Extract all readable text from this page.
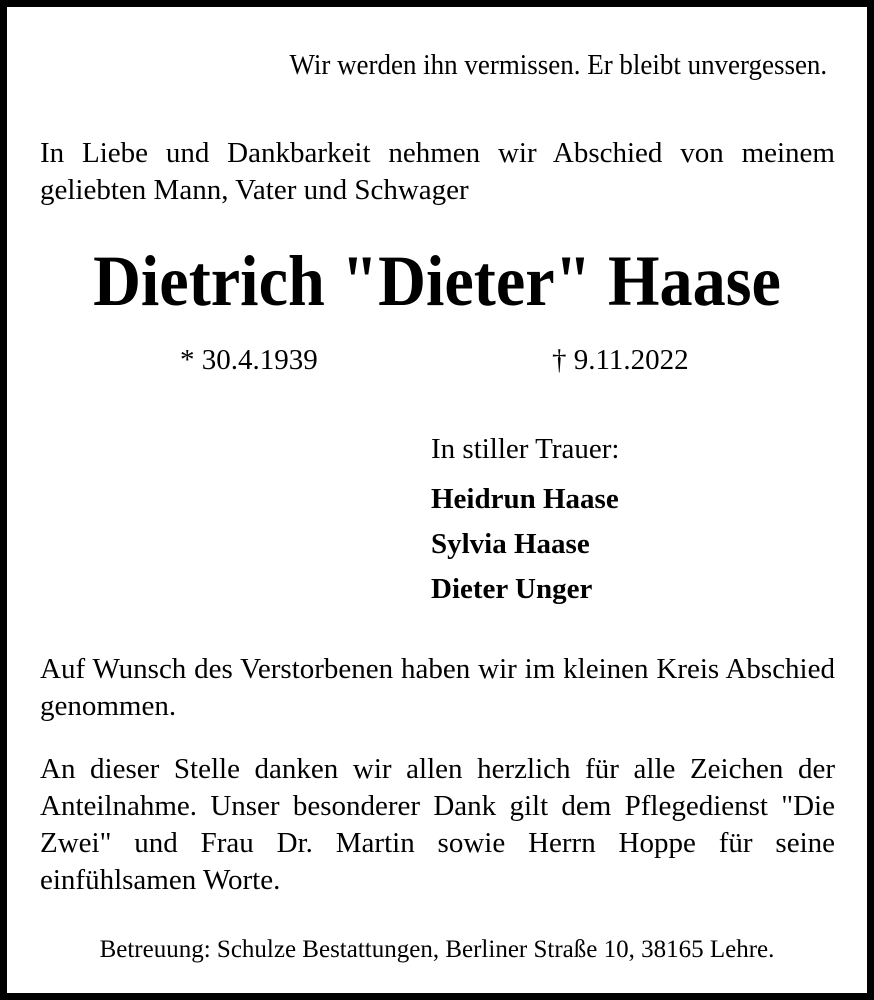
Wir werden ihn vermissen. Er bleibt unvergessen.
In Liebe und Dankbarkeit nehmen wir Abschied von meinem geliebten Mann, Vater und Schwager
Dietrich "Dieter" Haase
* 30.4.1939	† 9.11.2022
In stiller Trauer:
Heidrun Haase
Sylvia Haase
Dieter Unger
Auf Wunsch des Verstorbenen haben wir im kleinen Kreis Abschied genommen.
An dieser Stelle danken wir allen herzlich für alle Zeichen der Anteilnahme. Unser besonderer Dank gilt dem Pflegedienst "Die Zwei" und Frau Dr. Martin sowie Herrn Hoppe für seine einfühlsamen Worte.
Betreuung: Schulze Bestattungen, Berliner Straße 10, 38165 Lehre.
